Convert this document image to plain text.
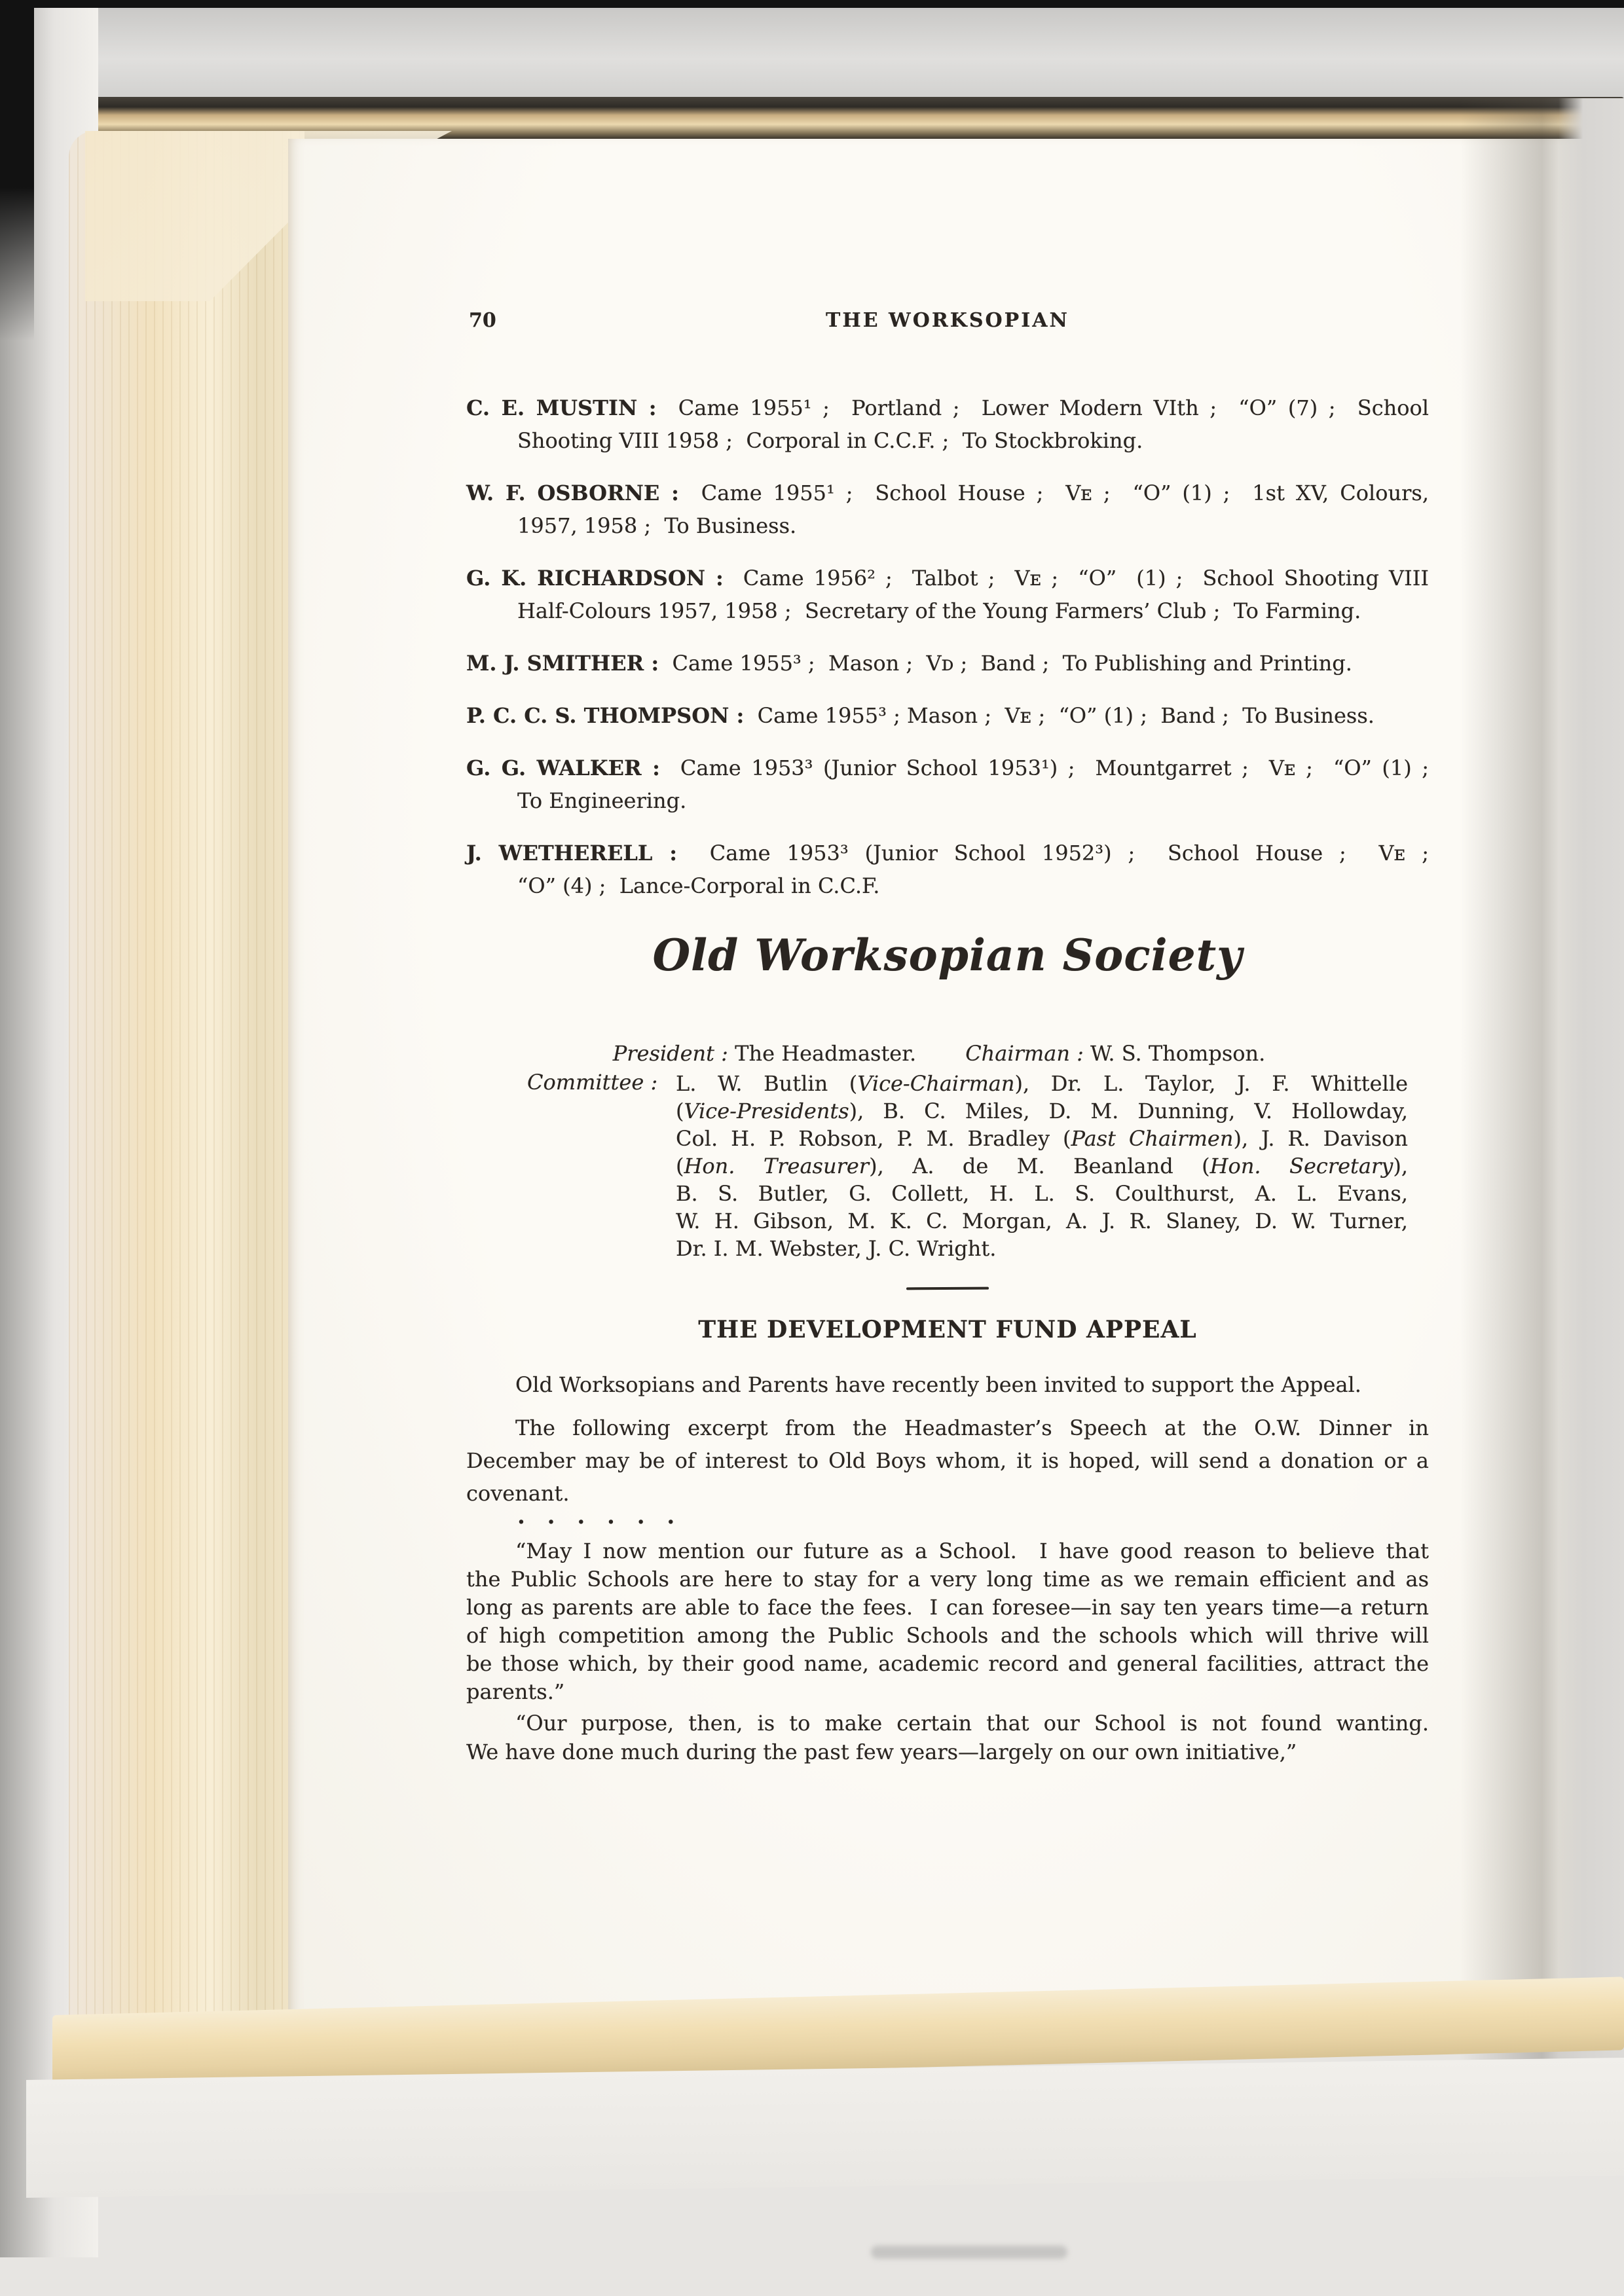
70	THE WORKSOPIAN
C. E. MUSTIN :  Came 1955¹ ;  Portland ;  Lower Modern VIth ;  “O” (7) ;  School
Shooting VIII 1958 ;  Corporal in C.C.F. ;  To Stockbroking.
W. F. OSBORNE :  Came 1955¹ ;  School House ;  Vᴇ ;  “O” (1) ;  1st XV, Colours,
1957, 1958 ;  To Business.
G. K. RICHARDSON :  Came 1956² ;  Talbot ;  Vᴇ ;  “O”  (1) ;  School Shooting VIII
Half-Colours 1957, 1958 ;  Secretary of the Young Farmers’ Club ;  To Farming.
M. J. SMITHER :  Came 1955³ ;  Mason ;  Vᴅ ;  Band ;  To Publishing and Printing.
P. C. C. S. THOMPSON :  Came 1955³ ; Mason ;  Vᴇ ;  “O” (1) ;  Band ;  To Business.
G. G. WALKER :  Came 1953³ (Junior School 1953¹) ;  Mountgarret ;  Vᴇ ;  “O” (1) ;
To Engineering.
J. WETHERELL :  Came 1953³ (Junior School 1952³) ;  School House ;  Vᴇ ;
“O” (4) ;  Lance-Corporal in C.C.F.
Old Worksopian Society

President : The Headmaster. Chairman : W. S. Thompson.

Committee : L. W. Butlin (Vice-Chairman), Dr. L. Taylor, J. F. Whittelle
(Vice-Presidents), B. C. Miles, D. M. Dunning, V. Hollowday,
Col. H. P. Robson, P. M. Bradley (Past Chairmen), J. R. Davison
(Hon. Treasurer), A. de M. Beanland (Hon. Secretary),
B. S. Butler, G. Collett, H. L. S. Coulthurst, A. L. Evans,
W. H. Gibson, M. K. C. Morgan, A. J. R. Slaney, D. W. Turner,
Dr. I. M. Webster, J. C. Wright.
THE DEVELOPMENT FUND APPEAL
Old Worksopians and Parents have recently been invited to support the Appeal.
The following excerpt from the Headmaster’s Speech at the O.W. Dinner in
December may be of interest to Old Boys whom, it is hoped, will send a donation or a
covenant.
. . . . . .
“May I now mention our future as a School.  I have good reason to believe that
the Public Schools are here to stay for a very long time as we remain efficient and as
long as parents are able to face the fees.  I can foresee—in say ten years time—a return
of high competition among the Public Schools and the schools which will thrive will
be those which, by their good name, academic record and general facilities, attract the
parents.”
“Our purpose, then, is to make certain that our School is not found wanting.
We have done much during the past few years—largely on our own initiative,”
